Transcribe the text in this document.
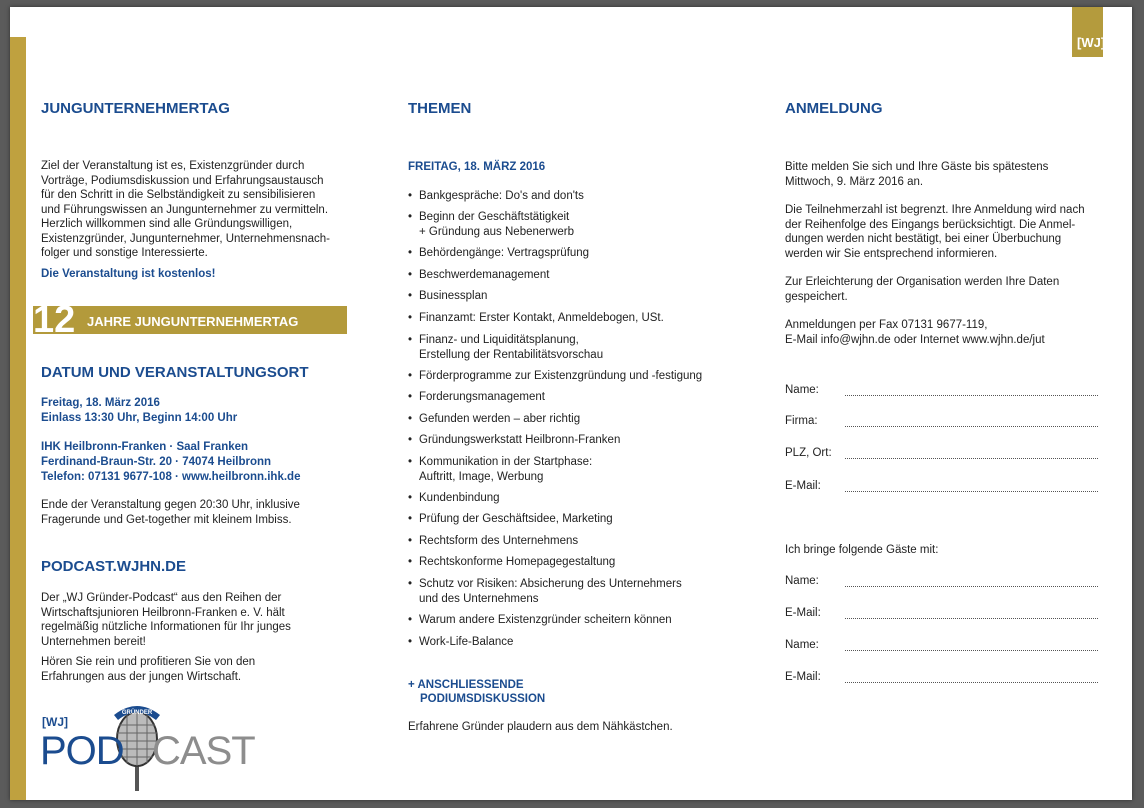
[WJ]
JUNGUNTERNEHMERTAG
Ziel der Veranstaltung ist es, Existenzgründer durch
Vorträge, Podiumsdiskussion und Erfahrungsaustausch
für den Schritt in die Selbständigkeit zu sensibilisieren
und Führungswissen an Jungunternehmer zu vermitteln.
Herzlich willkommen sind alle Gründungswilligen,
Existenzgründer, Jungunternehmer, Unternehmensnach-
folger und sonstige Interessierte.
Die Veranstaltung ist kostenlos!
12 JAHRE JUNGUNTERNEHMERTAG
DATUM UND VERANSTALTUNGSORT
Freitag, 18. März 2016
Einlass 13:30 Uhr, Beginn 14:00 Uhr
IHK Heilbronn-Franken · Saal Franken
Ferdinand-Braun-Str. 20 · 74074 Heilbronn
Telefon: 07131 9677-108 · www.heilbronn.ihk.de
Ende der Veranstaltung gegen 20:30 Uhr, inklusive
Fragerunde und Get-together mit kleinem Imbiss.
PODCAST.WJHN.DE
Der „WJ Gründer-Podcast“ aus den Reihen der
Wirtschaftsjunioren Heilbronn-Franken e. V. hält
regelmäßig nützliche Informationen für Ihr junges
Unternehmen bereit!
Hören Sie rein und profitieren Sie von den
Erfahrungen aus der jungen Wirtschaft.
[WJ]
GRÜNDER
POD CAST
THEMEN
FREITAG, 18. MÄRZ 2016
• Bankgespräche: Do's and don'ts
• Beginn der Geschäftstätigkeit
+ Gründung aus Nebenerwerb
• Behördengänge: Vertragsprüfung
• Beschwerdemanagement
• Businessplan
• Finanzamt: Erster Kontakt, Anmeldebogen, USt.
• Finanz- und Liquiditätsplanung,
Erstellung der Rentabilitätsvorschau
• Förderprogramme zur Existenzgründung und -festigung
• Forderungsmanagement
• Gefunden werden – aber richtig
• Gründungswerkstatt Heilbronn-Franken
• Kommunikation in der Startphase:
Auftritt, Image, Werbung
• Kundenbindung
• Prüfung der Geschäftsidee, Marketing
• Rechtsform des Unternehmens
• Rechtskonforme Homepagegestaltung
• Schutz vor Risiken: Absicherung des Unternehmers
und des Unternehmens
• Warum andere Existenzgründer scheitern können
• Work-Life-Balance
+ ANSCHLIESSENDE
PODIUMSDISKUSSION
Erfahrene Gründer plaudern aus dem Nähkästchen.
ANMELDUNG
Bitte melden Sie sich und Ihre Gäste bis spätestens
Mittwoch, 9. März 2016 an.
Die Teilnehmerzahl ist begrenzt. Ihre Anmeldung wird nach
der Reihenfolge des Eingangs berücksichtigt. Die Anmel-
dungen werden nicht bestätigt, bei einer Überbuchung
werden wir Sie entsprechend informieren.
Zur Erleichterung der Organisation werden Ihre Daten
gespeichert.
Anmeldungen per Fax 07131 9677-119,
E-Mail info@wjhn.de oder Internet www.wjhn.de/jut
Name:
Firma:
PLZ, Ort:
E-Mail:
Ich bringe folgende Gäste mit:
Name:
E-Mail:
Name:
E-Mail:
